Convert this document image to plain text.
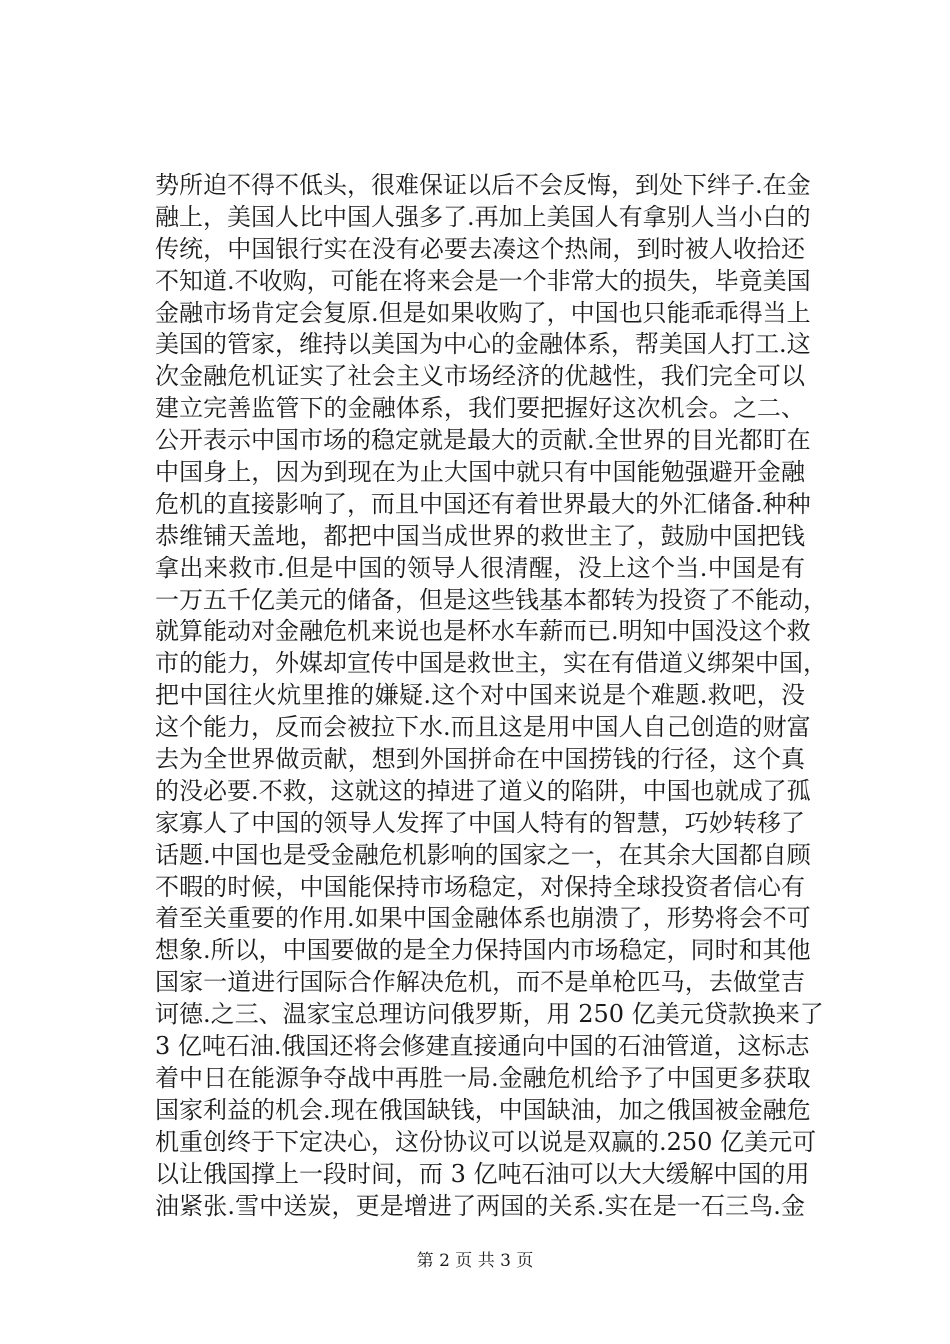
势所迫不得不低头，很难保证以后不会反悔，到处下绊子.在金
融上，美国人比中国人强多了.再加上美国人有拿别人当小白的
传统，中国银行实在没有必要去凑这个热闹，到时被人收拾还
不知道.不收购，可能在将来会是一个非常大的损失，毕竟美国
金融市场肯定会复原.但是如果收购了，中国也只能乖乖得当上
美国的管家，维持以美国为中心的金融体系，帮美国人打工.这
次金融危机证实了社会主义市场经济的优越性，我们完全可以
建立完善监管下的金融体系，我们要把握好这次机会。之二、
公开表示中国市场的稳定就是最大的贡献.全世界的目光都盯在
中国身上，因为到现在为止大国中就只有中国能勉强避开金融
危机的直接影响了，而且中国还有着世界最大的外汇储备.种种
恭维铺天盖地，都把中国当成世界的救世主了，鼓励中国把钱
拿出来救市.但是中国的领导人很清醒，没上这个当.中国是有
一万五千亿美元的储备，但是这些钱基本都转为投资了不能动，
就算能动对金融危机来说也是杯水车薪而已.明知中国没这个救
市的能力，外媒却宣传中国是救世主，实在有借道义绑架中国，
把中国往火炕里推的嫌疑.这个对中国来说是个难题.救吧，没
这个能力，反而会被拉下水.而且这是用中国人自己创造的财富
去为全世界做贡献，想到外国拼命在中国捞钱的行径，这个真
的没必要.不救，这就这的掉进了道义的陷阱，中国也就成了孤
家寡人了中国的领导人发挥了中国人特有的智慧，巧妙转移了
话题.中国也是受金融危机影响的国家之一，在其余大国都自顾
不暇的时候，中国能保持市场稳定，对保持全球投资者信心有
着至关重要的作用.如果中国金融体系也崩溃了，形势将会不可
想象.所以，中国要做的是全力保持国内市场稳定，同时和其他
国家一道进行国际合作解决危机，而不是单枪匹马，去做堂吉
诃德.之三、温家宝总理访问俄罗斯，用 250 亿美元贷款换来了
3 亿吨石油.俄国还将会修建直接通向中国的石油管道，这标志
着中日在能源争夺战中再胜一局.金融危机给予了中国更多获取
国家利益的机会.现在俄国缺钱，中国缺油，加之俄国被金融危
机重创终于下定决心，这份协议可以说是双赢的.250 亿美元可
以让俄国撑上一段时间，而 3 亿吨石油可以大大缓解中国的用
油紧张.雪中送炭，更是增进了两国的关系.实在是一石三鸟.金
第 2 页 共 3 页
